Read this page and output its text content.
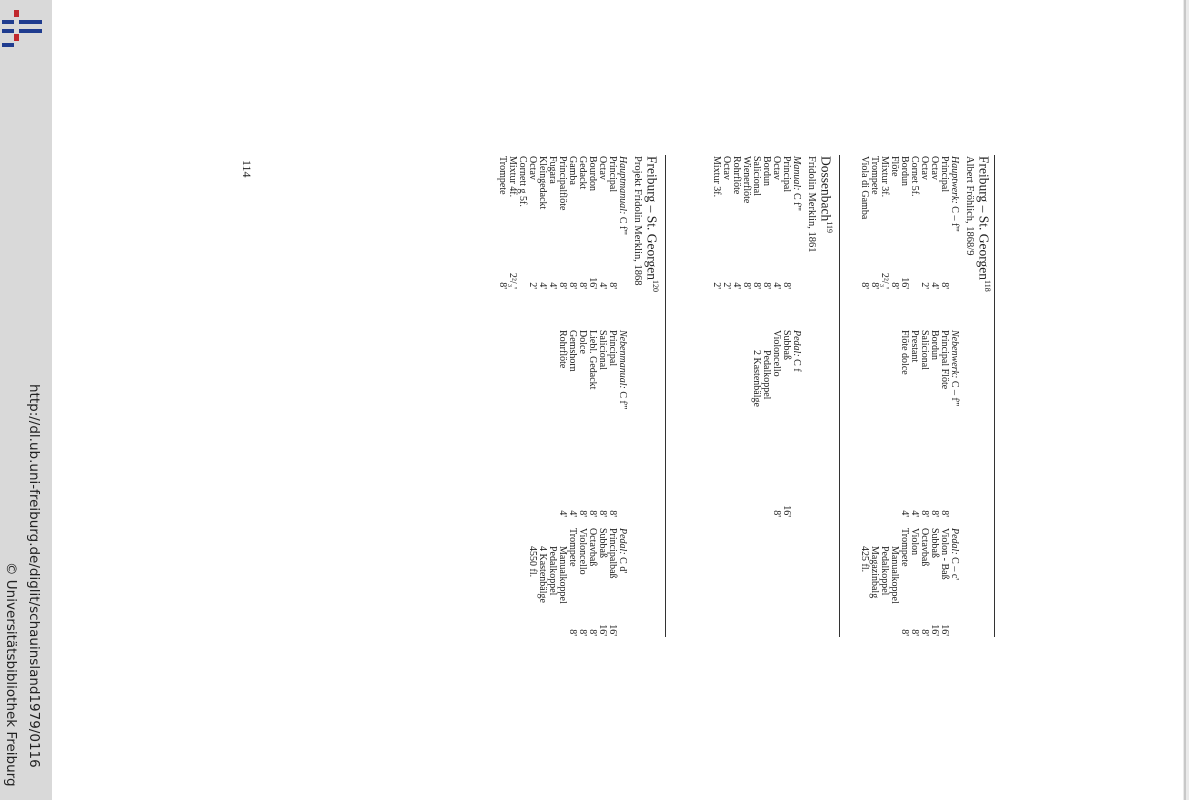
http://dl.ub.uni-freiburg.de/diglit/schauinsland1979/0116
© Universitätsbibliothek Freiburg
114	Freiburg – St. Georgen$^{118}$
Albert Fröhlich, 1868/9
Hauptwerk: C – f'''
Principal
8'
Octav
4'
Octav
2'
Cornet 5f.
Bordun
16'
Flöte
8'
Mixtur 3f.
2²/₃'
Trompete
8'
Viola di Gamba
8'
Nebenwerk: C – f'''
Principal Flöte
8'
Bordun
8'
Salicional
8'
Prestant
4'
Flöte dolce
4'
Pedal: C – c'
Violon - Baß
16'
Subbaß
16'
Octavbaß
8'
Violon
8'
Trompete
8'
Manualkoppel
Pedalkoppel
Magazinbalg
425 fl.
Dossenbach$^{119}$
Fridolin Merklin, 1861
Manual: C f'''
Principal
8'
Octav
4'
Bordun
8'
Salicional
8'
Wienerflöte
8'
Rohrflöte
4'
Octav
2'
Mixtur 3f.
2'
Pedal: C f
Subbaß
16'
Violoncello
8'
Pedalkoppel
2 Kastenbälge
Freiburg – St. Georgen$^{120}$
Projekt Fridolin Merklin, 1868
Hauptmanual: C f'''
Principal
8'
Octav
4'
Bourdon
16'
Gedackt
8'
Gamba
8'
Principalflöte
8'
Fugara
4'
Kleingedackt
4'
Octav
2'
Cornett g 5f.
Mixtur 4f.
2²/₃'
Trompete
8'
Nebenmanual: C f'''
Principal
8'
Salicional
8'
Liebl. Gedackt
8'
Dolce
8'
Gemshorn
4'
Rohrflöte
4'
Pedal: C d'
Principalbaß
16'
Subbaß
16'
Octavbaß
8'
Violoncello
8'
Trompete
8'
Manualkoppel
Pedalkoppel
4 Kastenbälge
4550 fl.
